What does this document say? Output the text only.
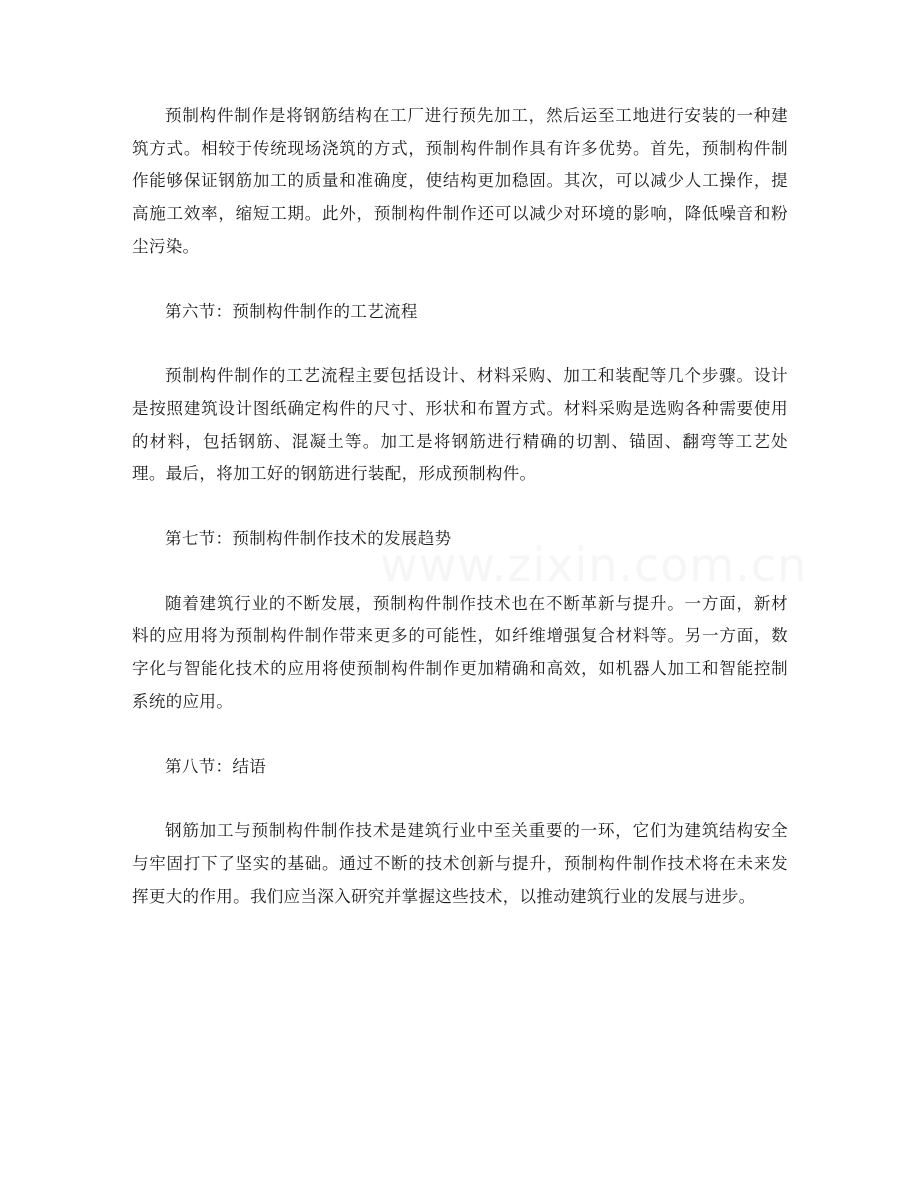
预制构件制作是将钢筋结构在工厂进行预先加工，然后运至工地进行安装的一种建筑方式。相较于传统现场浇筑的方式，预制构件制作具有许多优势。首先，预制构件制作能够保证钢筋加工的质量和准确度，使结构更加稳固。其次，可以减少人工操作，提高施工效率，缩短工期。此外，预制构件制作还可以减少对环境的影响，降低噪音和粉尘污染。

第六节：预制构件制作的工艺流程

预制构件制作的工艺流程主要包括设计、材料采购、加工和装配等几个步骤。设计是按照建筑设计图纸确定构件的尺寸、形状和布置方式。材料采购是选购各种需要使用的材料，包括钢筋、混凝土等。加工是将钢筋进行精确的切割、锚固、翻弯等工艺处理。最后，将加工好的钢筋进行装配，形成预制构件。

第七节：预制构件制作技术的发展趋势

随着建筑行业的不断发展，预制构件制作技术也在不断革新与提升。一方面，新材料的应用将为预制构件制作带来更多的可能性，如纤维增强复合材料等。另一方面，数字化与智能化技术的应用将使预制构件制作更加精确和高效，如机器人加工和智能控制系统的应用。

第八节：结语

钢筋加工与预制构件制作技术是建筑行业中至关重要的一环，它们为建筑结构安全与牢固打下了坚实的基础。通过不断的技术创新与提升，预制构件制作技术将在未来发挥更大的作用。我们应当深入研究并掌握这些技术，以推动建筑行业的发展与进步。

www.zixin.com.cn
